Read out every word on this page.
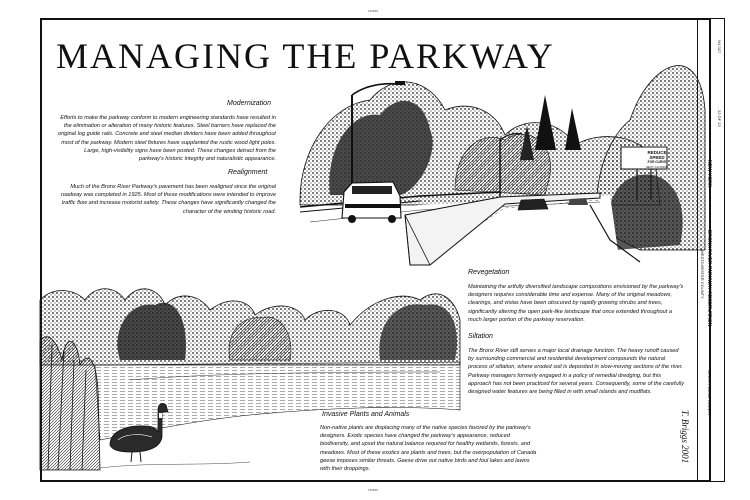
150MM
150MM
MANAGING THE PARKWAY
REDUCE SPEED
FOR CURVE
NEXT CLOSING
Modernization
Efforts to make the parkway conform to modern engineering standards have resulted in the elimination or alteration of many historic features. Steel barriers have replaced the original log guide rails. Concrete and steel median dividers have been added throughout most of the parkway. Modern steel fixtures have supplanted the rustic wood light poles. Large, high-visibility signs have been posted. These changes detract from the parkway's historic integrity and naturalistic appearance.
Realignment
Much of the Bronx River Parkway's pavement has been realigned since the original roadway was completed in 1925. Most of these modifications were intended to improve traffic flow and increase motorist safety. These changes have significantly changed the character of the winding historic road.
Revegetation
Maintaining the artfully diversified landscape compositions envisioned by the parkway's designers requires considerable time and expense. Many of the original meadows, clearings, and vistas have been obscured by rapidly growing shrubs and trees, significantly altering the open park-like landscape that once extended throughout a much larger portion of the parkway reservation.
Siltation
The Bronx River still serves a major local drainage function. The heavy runoff caused by surrounding commercial and residential development compounds the natural process of siltation, where eroded soil is deposited in slow-moving sections of the river. Parkway managers formerly engaged in a policy of remedial dredging, but this approach has not been practiced for several years. Consequently, some of the carefully designed water features are being filled in with small islands and mudflats.
Invasive Plants and Animals
Non-native plants are displacing many of the native species favored by the parkway's designers. Exotic species have changed the parkway's appearance, reduced biodiversity, and upset the natural balance required for healthy wetlands, forests, and meadows. Most of these exotics are plants and trees, but the overpopulation of Canada geese imposes similar threats. Geese drive out native birds and foul lakes and lawns with their droppings.
NY-327
22 OF 22
NEW YORK
BRONX RIVER PARKWAY RESERVATION
WESTCHESTER COUNTY
WHITE PLAINS VICINITY
T. Briggs 2001
